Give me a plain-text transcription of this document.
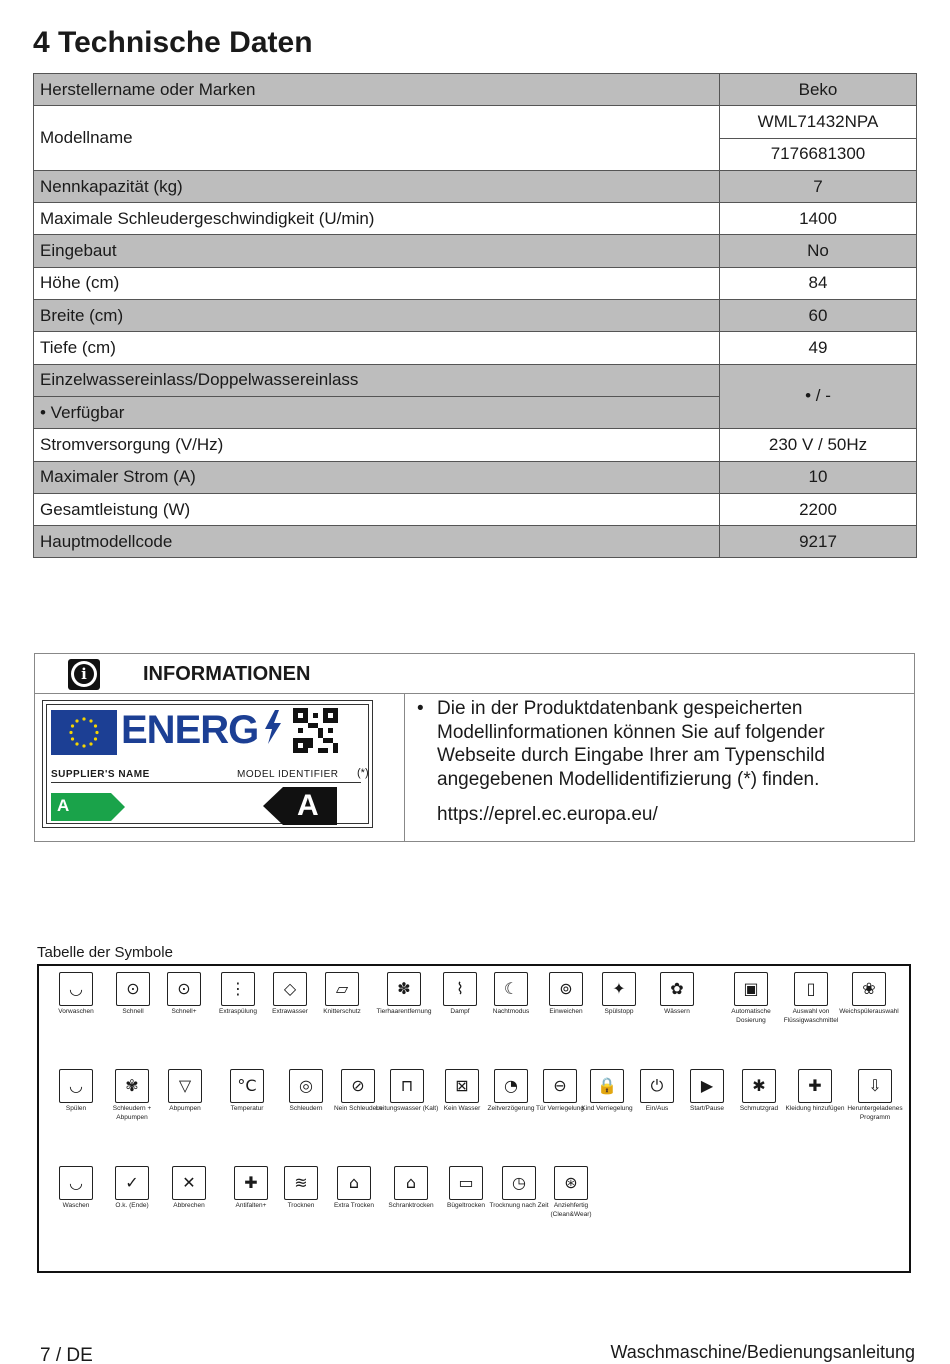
4 Technische Daten
Herstellername oder Marken	Beko
Modellname	WML71432NPA
	7176681300
Nennkapazität (kg)	7
Maximale Schleudergeschwindigkeit (U/min)	1400
Eingebaut	No
Höhe (cm)	84
Breite (cm)	60
Tiefe (cm)	49
Einzelwassereinlass/Doppelwassereinlass	• / -
• Verfügbar	
Stromversorgung (V/Hz)	230 V / 50Hz
Maximaler Strom (A)	10
Gesamtleistung (W)	2200
Hauptmodellcode	9217
i	INFORMATIONEN
ENERG
SUPPLIER'S NAME	MODEL IDENTIFIER (*)
A	A
• Die in der Produktdatenbank gespeicherten Modellinformationen können Sie auf folgender Webseite durch Eingabe Ihrer am Typenschild angegebenen Modellidentifizierung (*) finden.
https://eprel.ec.europa.eu/
Tabelle der Symbole
◡
Vorwaschen
⊙
Schnell
⊙
Schnell+
⋮
Extraspülung
◇
Extrawasser
▱
Knitterschutz
✽
Tierhaarentfernung
⌇
Dampf
☾
Nachtmodus
⊚
Einweichen
✦
Spülstopp
✿
Wässern
▣
Automatische Dosierung
▯
Auswahl von Flüssigwaschmittel
❀
Weichspülerauswahl
◡
Spülen
✾
Schleudern + Abpumpen
▽
Abpumpen
°C
Temperatur
◎
Schleudern
⊘
Nein Schleudern
⊓
Leitungswasser (Kalt)
⊠
Kein Wasser
◔
Zeitverzögerung
⊖
Tür Verriegelung
🔒
Kind Verriegelung
⏻
Ein/Aus
▶
Start/Pause
✱
Schmutzgrad
✚
Kleidung hinzufügen
⇩
Heruntergeladenes Programm
◡
Waschen
✓
O.k. (Ende)
✕
Abbrechen
✚
Antifalten+
≋
Trocknen
⌂
Extra Trocken
⌂
Schranktrocken
▭
Bügeltrocken
◷
Trocknung nach Zeit
⊛
Anziehfertig (Clean&Wear)
7 / DE	Waschmaschine/Bedienungsanleitung
